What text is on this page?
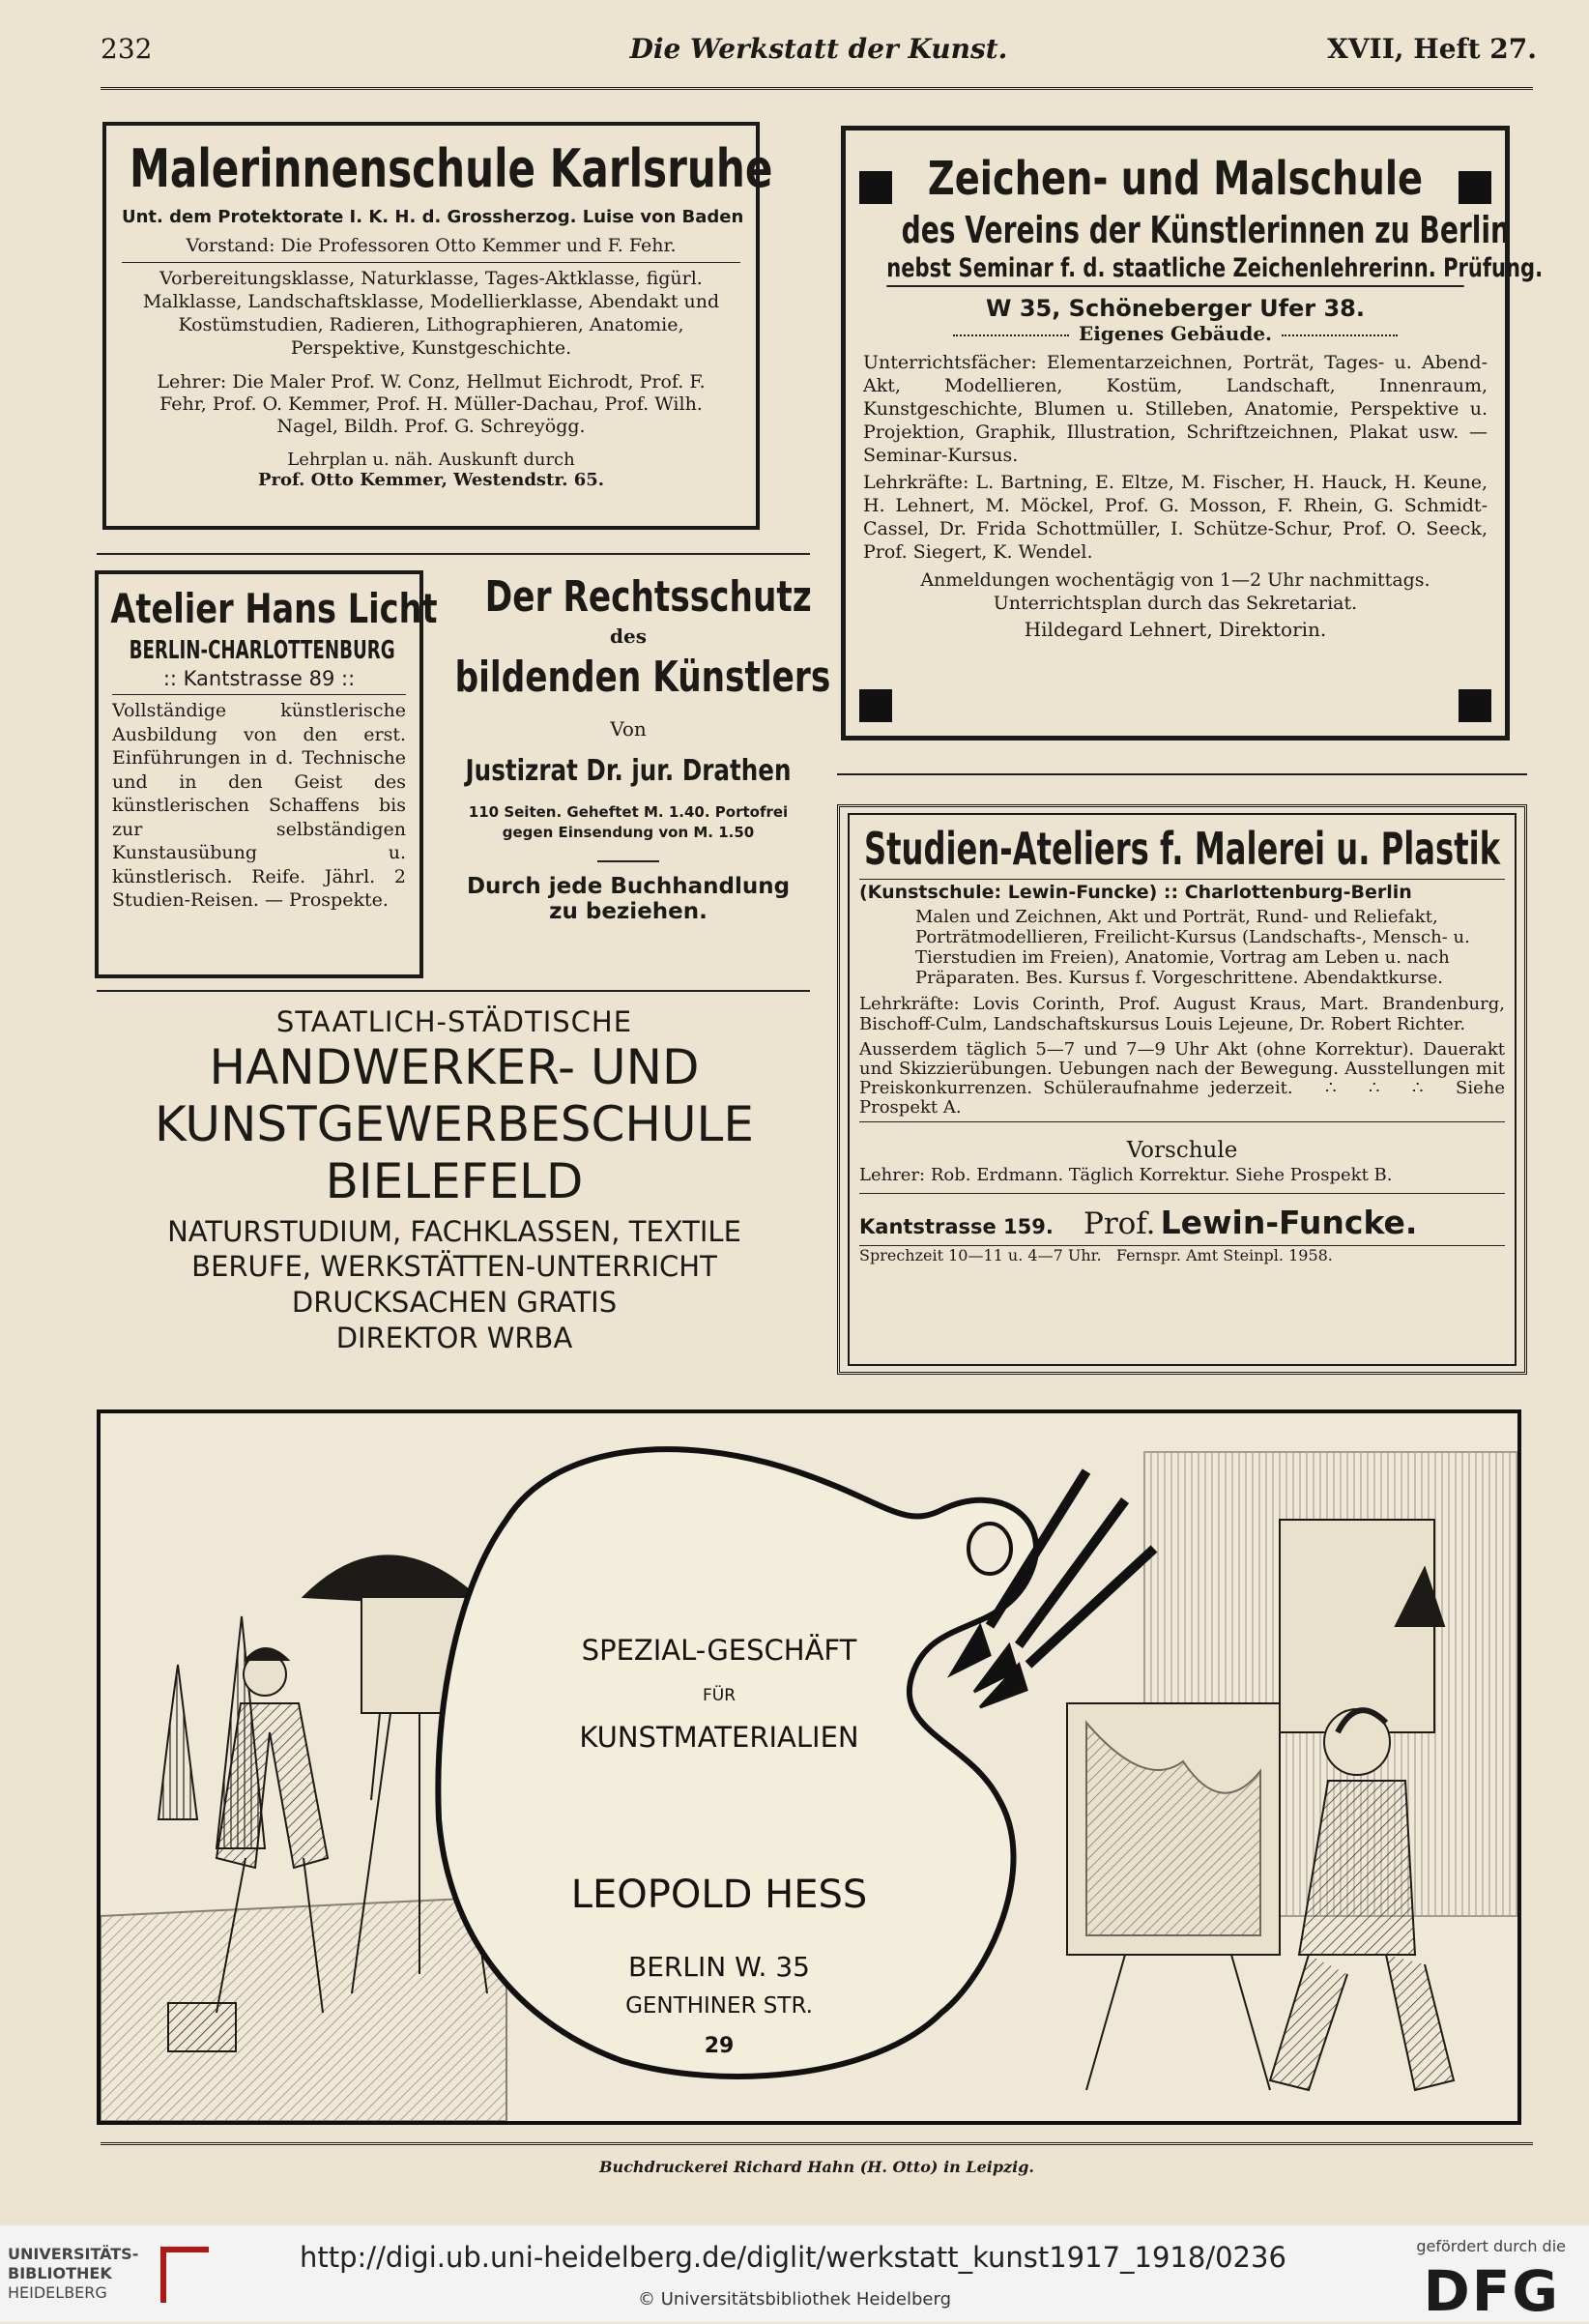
232	Die Werkstatt der Kunst.	XVII, Heft 27.
Malerinnenschule Karlsruhe

Unt. dem Protektorate I. K. H. d. Grossherzog. Luise von Baden

Vorstand: Die Professoren Otto Kemmer und F. Fehr.

Vorbereitungsklasse, Naturklasse, Tages-Aktklasse, figürl. Malklasse, Landschaftsklasse, Modellierklasse, Abendakt und Kostümstudien, Radieren, Lithographieren, Anatomie, Perspektive, Kunstgeschichte.

Lehrer: Die Maler Prof. W. Conz, Hellmut Eichrodt, Prof. F. Fehr, Prof. O. Kemmer, Prof. H. Müller-Dachau, Prof. Wilh. Nagel, Bildh. Prof. G. Schreyögg.

Lehrplan u. näh. Auskunft durch

Prof. Otto Kemmer, Westendstr. 65.

Zeichen- und Malschule
des Vereins der Künstlerinnen zu Berlin
nebst Seminar f. d. staatliche Zeichenlehrerinn. Prüfung.

W 35, Schöneberger Ufer 38.

Eigenes Gebäude.

Unterrichtsfächer: Elementarzeichnen, Porträt, Tages- u. Abend-Akt, Modellieren, Kostüm, Landschaft, Innenraum, Kunstgeschichte, Blumen u. Stilleben, Anatomie, Perspektive u. Projektion, Graphik, Illustration, Schriftzeichnen, Plakat usw. — Seminar-Kursus.

Lehrkräfte: L. Bartning, E. Eltze, M. Fischer, H. Hauck, H. Keune, H. Lehnert, M. Möckel, Prof. G. Mosson, F. Rhein, G. Schmidt-Cassel, Dr. Frida Schottmüller, I. Schütze-Schur, Prof. O. Seeck, Prof. Siegert, K. Wendel.

Anmeldungen wochentägig von 1—2 Uhr nachmittags.

Unterrichtsplan durch das Sekretariat.

Hildegard Lehnert, Direktorin.

Atelier Hans Licht
BERLIN-CHARLOTTENBURG

:: Kantstrasse 89 ::

Vollständige künstlerische Ausbildung von den erst. Einführungen in d. Technische und in den Geist des künstlerischen Schaffens bis zur selbständigen Kunstausübung u. künstlerisch. Reife. Jährl. 2 Studien-Reisen. — Prospekte.

Der Rechtsschutz

des

bildenden Künstlers

Von

Justizrat Dr. jur. Drathen

110 Seiten. Geheftet M. 1.40. Portofrei gegen Einsendung von M. 1.50

Durch jede Buchhandlung

zu beziehen.

STAATLICH-STÄDTISCHE

HANDWERKER- UND

KUNSTGEWERBESCHULE

BIELEFELD

NATURSTUDIUM, FACHKLASSEN, TEXTILE

BERUFE, WERKSTÄTTEN-UNTERRICHT

DRUCKSACHEN GRATIS

DIREKTOR WRBA

Studien-Ateliers f. Malerei u. Plastik

(Kunstschule: Lewin-Funcke) :: Charlottenburg-Berlin

Malen und Zeichnen, Akt und Porträt, Rund- und Reliefakt, Porträtmodellieren, Freilicht-Kursus (Landschafts-, Mensch- u. Tierstudien im Freien), Anatomie, Vortrag am Leben u. nach Präparaten. Bes. Kursus f. Vorgeschrittene. Abendaktkurse.

Lehrkräfte: Lovis Corinth, Prof. August Kraus, Mart. Brandenburg, Bischoff-Culm, Landschaftskursus Louis Lejeune, Dr. Robert Richter.

Ausserdem täglich 5—7 und 7—9 Uhr Akt (ohne Korrektur). Dauerakt und Skizzierübungen. Uebungen nach der Bewegung. Ausstellungen mit Preiskonkurrenzen. Schüleraufnahme jederzeit.   ∴   ∴   ∴   Siehe Prospekt A.

Vorschule

Lehrer: Rob. Erdmann. Täglich Korrektur. Siehe Prospekt B.

Kantstrasse 159. Prof. Lewin-Funcke.

Sprechzeit 10—11 u. 4—7 Uhr.   Fernspr. Amt Steinpl. 1958.

SPEZIAL-GESCHÄFT

FÜR

KUNSTMATERIALIEN

LEOPOLD HESS

BERLIN W. 35

GENTHINER STR.

29

Buchdruckerei Richard Hahn (H. Otto) in Leipzig.

UNIVERSITÄTS-
BIBLIOTHEK
HEIDELBERG
http://digi.ub.uni-heidelberg.de/diglit/werkstatt_kunst1917_1918/0236

© Universitätsbibliothek Heidelberg

gefördert durch die

DFG
